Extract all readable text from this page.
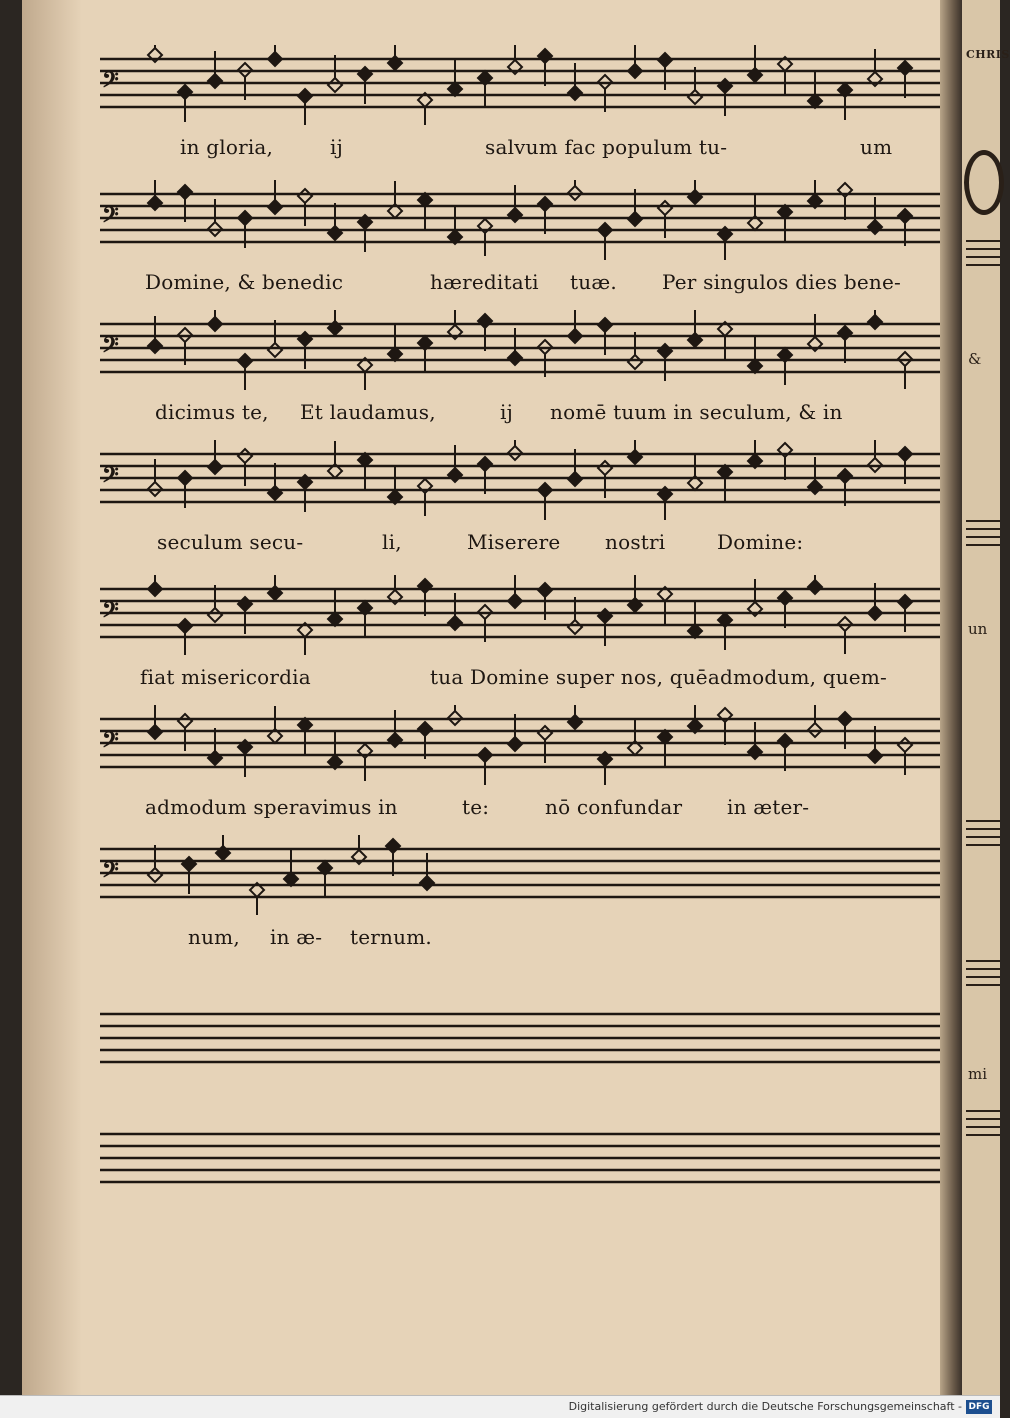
CHRIS
&
un
mi
𝄢
in gloria,	ij	salvum fac populum tu-	um
𝄢
Domine, & benedic	hæreditati tuæ. Per singulos dies bene-
𝄢
dicimus te, Et laudamus,	ij nomē tuum in seculum, & in
𝄢
seculum secu-	li,	Miserere nostri	Domine:
𝄢
fiat misericordia	tua Domine super nos, quēadmodum, quem-
𝄢
admodum speravimus in	te:	nō confundar in æter-
𝄢
num, in æ- ternum.
Digitalisierung gefördert durch die Deutsche Forschungsgemeinschaft - DFG
